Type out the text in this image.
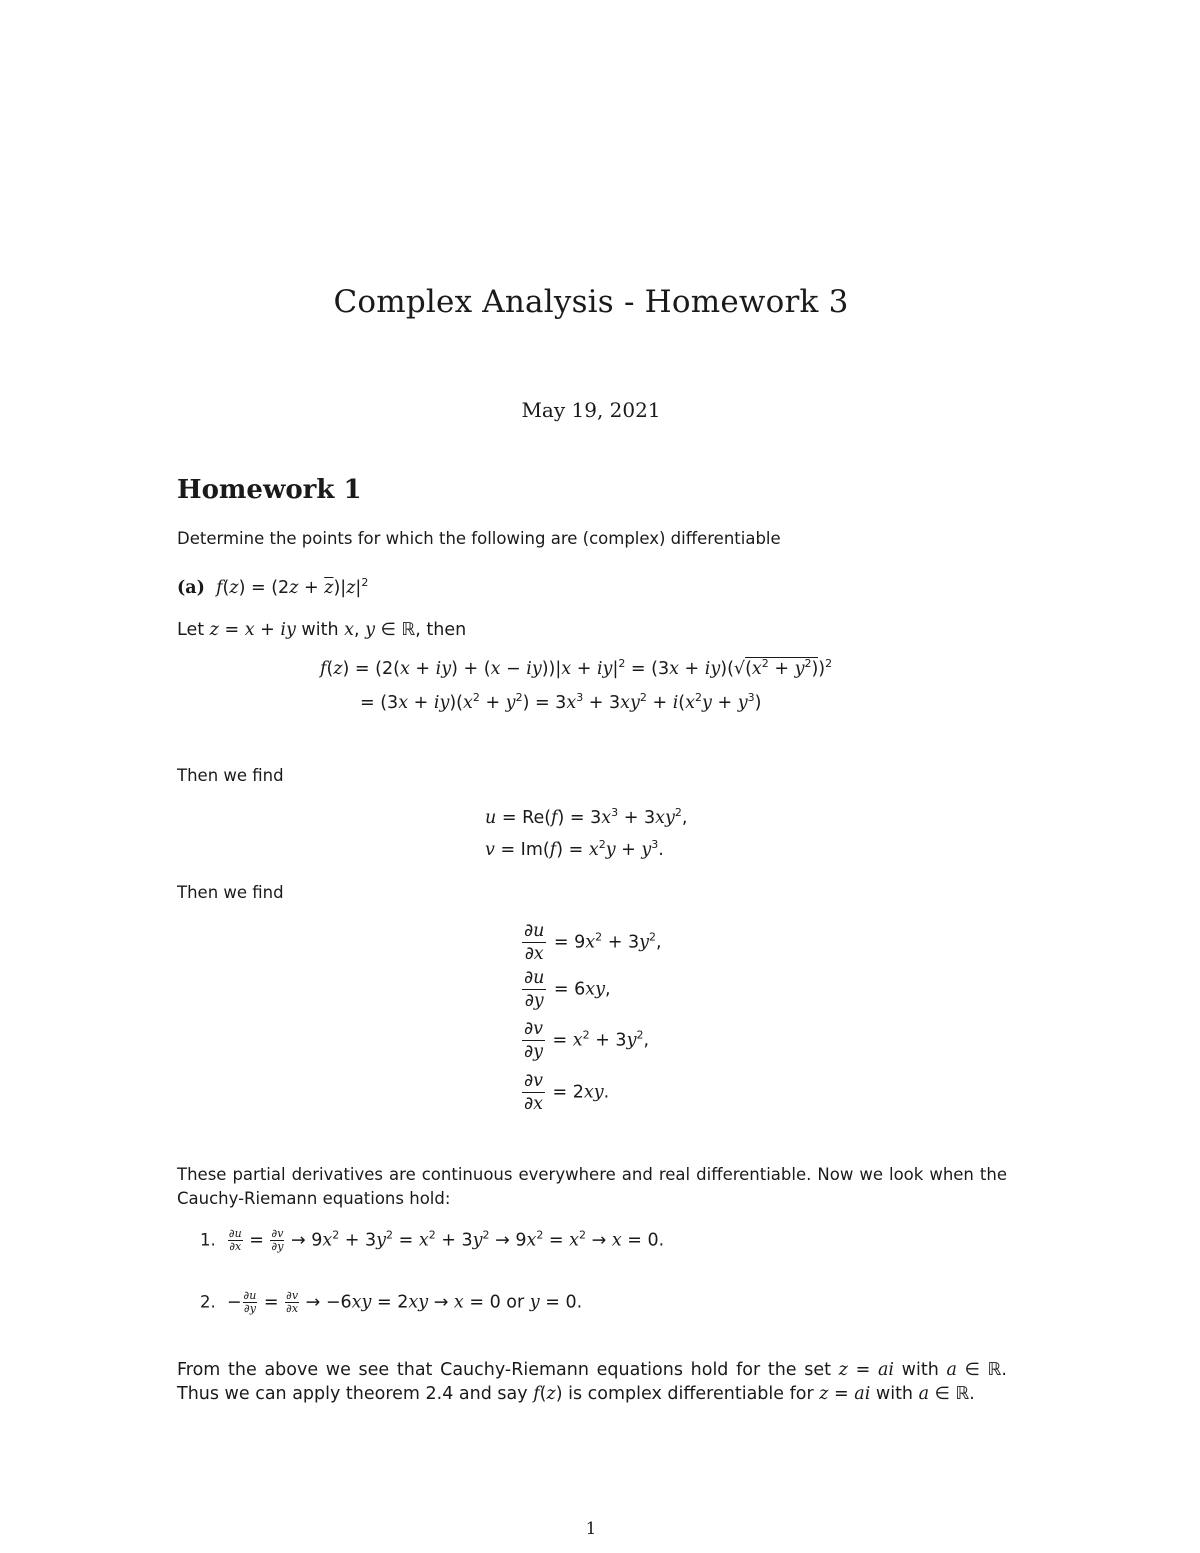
Complex Analysis - Homework 3
May 19, 2021
Homework 1
Determine the points for which the following are (complex) differentiable
(a) $f(z) = (2z + \overline{z})|z|^2$
Let z = x + iy with x, y ∈ ℝ, then
$f(z) = (2(x + iy) + (x - iy))|x + iy|^2 = (3x + iy)(√(x^2 + y^2))^2$
= $(3x + iy)(x^2 + y^2) = 3x^3 + 3xy^2 + i(x^2y + y^3)$
Then we find
$u = Re(f) = 3x^3 + 3xy^2$,
$v = Im(f) = x^2y + y^3$.
Then we find
$\frac{\partial u}{\partial x} = 9x^2 + 3y^2$,
$\frac{\partial u}{\partial y} = 6xy$,
$\frac{\partial v}{\partial y} = x^2 + 3y^2$,
$\frac{\partial v}{\partial x} = 2xy$.
These partial derivatives are continuous everywhere and real differentiable. Now we look when the Cauchy-Riemann equations hold:
1. $\frac{\partial u}{\partial x} = \frac{\partial v}{\partial y} \to 9x^2 + 3y^2 = x^2 + 3y^2 \to 9x^2 = x^2 \to x = 0$.
2.  − $\frac{\partial u}{\partial y} = \frac{\partial v}{\partial x} \to -6xy = 2xy \to x = 0$ or y = 0.
From the above we see that Cauchy-Riemann equations hold for the set z = ai with a ∈ ℝ. Thus we can apply theorem 2.4 and say f(z) is complex differentiable for z = ai with a ∈ ℝ.
1
